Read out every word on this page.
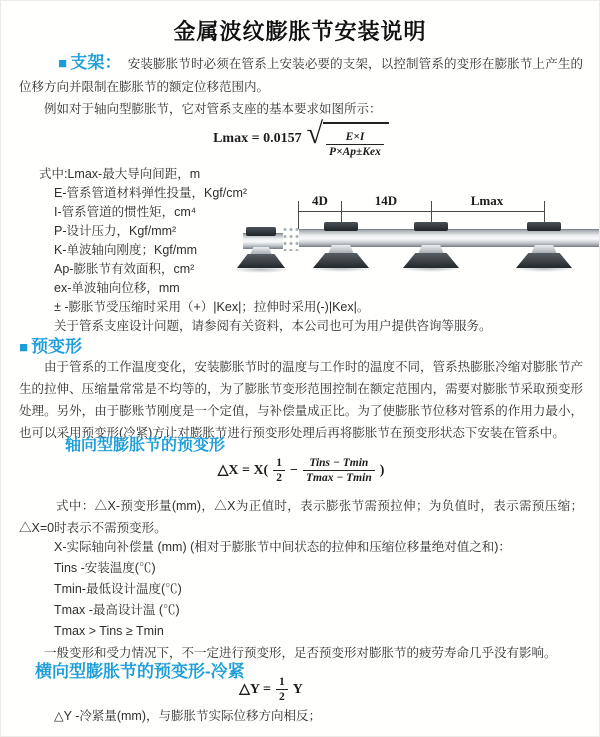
金属波纹膨胀节安装说明

■ 支架： 安装膨胀节时必须在管系上安装必要的支架，以控制管系的变形在膨胀节上产生的位移方向并限制在膨胀节的额定位移范围内。

例如对于轴向型膨胀节，它对管系支座的基本要求如图所示：

Lmax = 0.0157 √ $\frac{E\times I}{\text{P×Ap±Kex}}$

式中:Lmax-最大导向间距，m

E-管系管道材料弹性投量，Kgf/cm²

I-管系管道的惯性矩，cm⁴

P-设计压力，Kgf/mm²

K-单波轴向刚度；Kgf/mm

Ap-膨胀节有效面积，cm²

ex-单波轴向位移，mm

± -膨胀节受压缩时采用（+）|Kex|；拉伸时采用(-)|Kex|。

关于管系支座设计问题，请参阅有关资料，本公司也可为用户提供咨询等服务。

4D	14D	Lmax
■ 预变形

由于管系的工作温度变化，安装膨胀节时的温度与工作时的温度不同，管系热膨胀冷缩对膨胀节产生的拉伸、压缩量常常是不均等的，为了膨胀节变形范围控制在额定范围内，需要对膨胀节采取预变形处理。另外，由于膨账节刚度是一个定值，与补偿量成正比。为了使膨胀节位移对管系的作用力最小，也可以采用预变形(冷紧)方让对膨胀节进行预变形处理后再将膨胀节在预变形状态下安装在管系中。

轴向型膨胀节的预变形

△X = $X( \frac{1}{2} - \frac{\text{Tins − Tmin}}{Tmax - Tmin}$ )

式中：△X-预变形量(mm)，△X为正值时，表示膨张节需预拉伸；为负值时，表示需预压缩；△X=0时表示不需预变形。

X-实际轴向补偿量 (mm) (相对于膨胀节中间状态的拉伸和压缩位移量绝对值之和)：

Tins -安装温度(℃)

Tmin-最低设计温度(℃)

Tmax -最高设计温 (℃)

Tmax > Tins ≥ Tmin

一般变形和受力情况下，不一定进行预变形，足否预变形对膨胀节的疲劳寿命几乎没有影响。

横向型膨胀节的预变形-冷紧

△Y = $\frac{1}{2}$ Y

△Y -冷紧量(mm)，与膨胀节实际位移方向相反；
